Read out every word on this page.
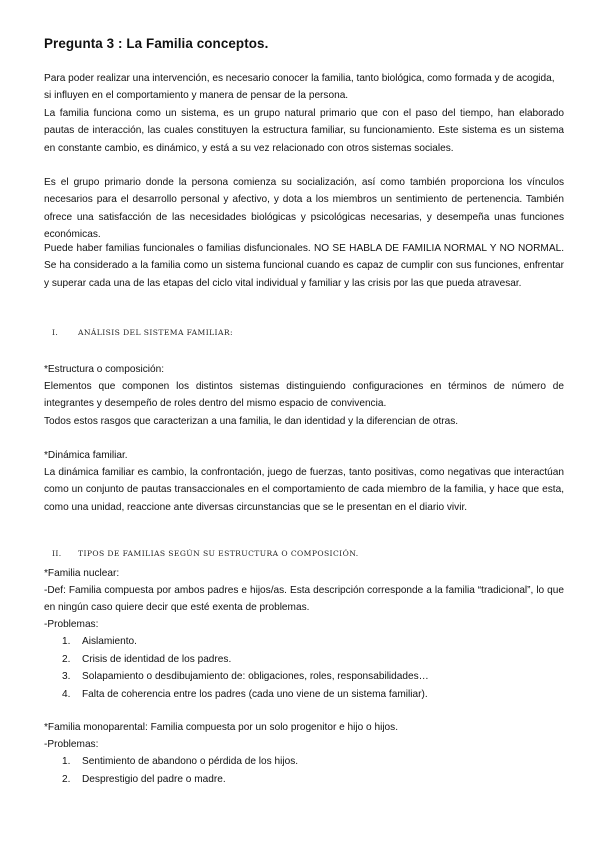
Pregunta 3 : La Familia conceptos.

Para poder realizar una intervención, es necesario conocer la familia, tanto biológica, como formada y de acogida, si influyen en el comportamiento y manera de pensar de la persona.

La familia funciona como un sistema, es un grupo natural primario que con el paso del tiempo, han elaborado pautas de interacción, las cuales constituyen la estructura familiar, su funcionamiento. Este sistema es un sistema en constante cambio, es dinámico, y está a su vez relacionado con otros sistemas sociales.

Es el grupo primario donde la persona comienza su socialización, así como también proporciona los vínculos necesarios para el desarrollo personal y afectivo, y dota a los miembros un sentimiento de pertenencia. También ofrece una satisfacción de las necesidades biológicas y psicológicas necesarias, y desempeña unas funciones económicas.

Puede haber familias funcionales o familias disfuncionales. NO SE HABLA DE FAMILIA NORMAL Y NO NORMAL. Se ha considerado a la familia como un sistema funcional cuando es capaz de cumplir con sus funciones, enfrentar y superar cada una de las etapas del ciclo vital individual y familiar y las crisis por las que pueda atravesar.

I.	ANÁLISIS DEL SISTEMA FAMILIAR:

*Estructura o composición:

Elementos que componen los distintos sistemas distinguiendo configuraciones en términos de número de integrantes y desempeño de roles dentro del mismo espacio de convivencia.

Todos estos rasgos que caracterizan a una familia, le dan identidad y la diferencian de otras.

*Dinámica familiar.

La dinámica familiar es cambio, la confrontación, juego de fuerzas, tanto positivas, como negativas que interactúan como un conjunto de pautas transaccionales en el comportamiento de cada miembro de la familia, y hace que esta, como una unidad, reaccione ante diversas circunstancias que se le presentan en el diario vivir.

II. TIPOS DE FAMILIAS SEGÚN SU ESTRUCTURA O COMPOSICIÓN.

*Familia nuclear:

-Def: Familia compuesta por ambos padres e hijos/as. Esta descripción corresponde a la familia “tradicional”, lo que en ningún caso quiere decir que esté exenta de problemas.

-Problemas:

1. Aislamiento.
2. Crisis de identidad de los padres.
3. Solapamiento o desdibujamiento de: obligaciones, roles, responsabilidades…
4. Falta de coherencia entre los padres (cada uno viene de un sistema familiar).

*Familia monoparental: Familia compuesta por un solo progenitor e hijo o hijos.

-Problemas:

1. Sentimiento de abandono o pérdida de los hijos.
2. Desprestigio del padre o madre.
